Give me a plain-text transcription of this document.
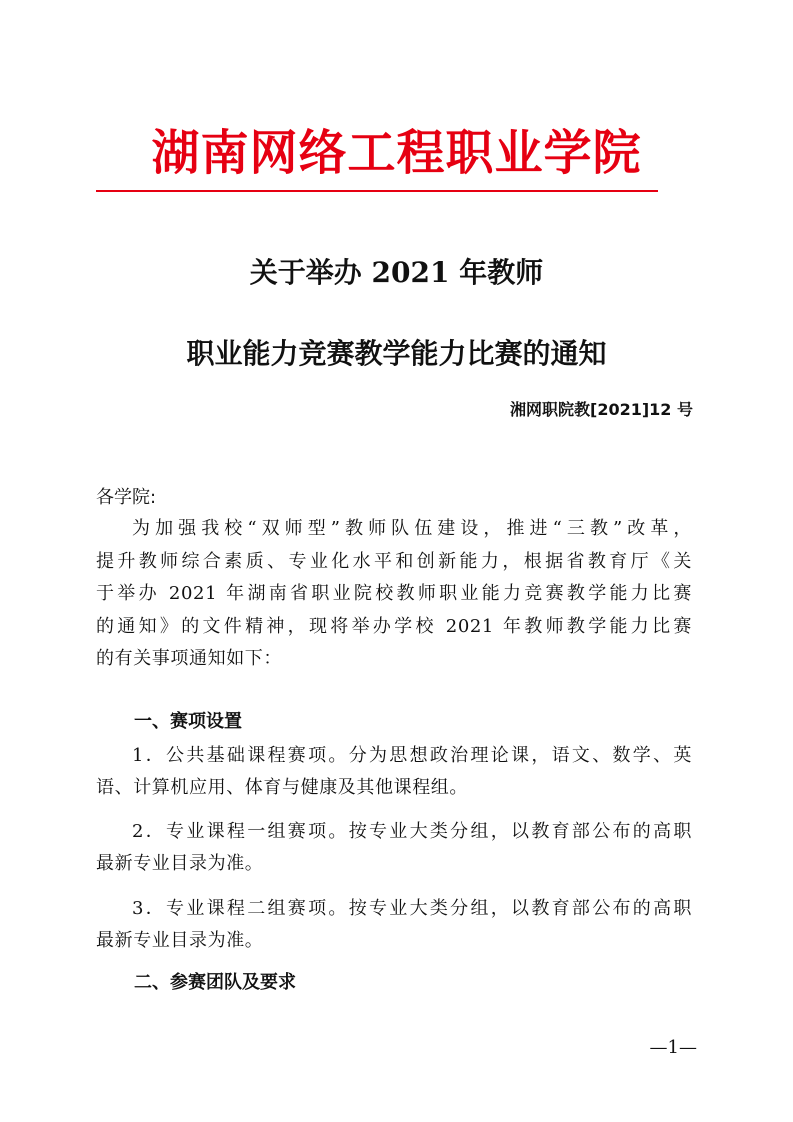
湖南网络工程职业学院
关于举办 2021 年教师
职业能力竞赛教学能力比赛的通知
湘网职院教[2021]12 号
各学院:
为加强我校“双师型”教师队伍建设，推进“三教”改革，
提升教师综合素质、专业化水平和创新能力，根据省教育厅《关
于举办 2021 年湖南省职业院校教师职业能力竞赛教学能力比赛
的通知》的文件精神，现将举办学校 2021 年教师教学能力比赛
的有关事项通知如下：
一、赛项设置
1．公共基础课程赛项。分为思想政治理论课，语文、数学、英
语、计算机应用、体育与健康及其他课程组。
2．专业课程一组赛项。按专业大类分组，以教育部公布的高职
最新专业目录为准。
3．专业课程二组赛项。按专业大类分组，以教育部公布的高职
最新专业目录为准。
二、参赛团队及要求
—1—
